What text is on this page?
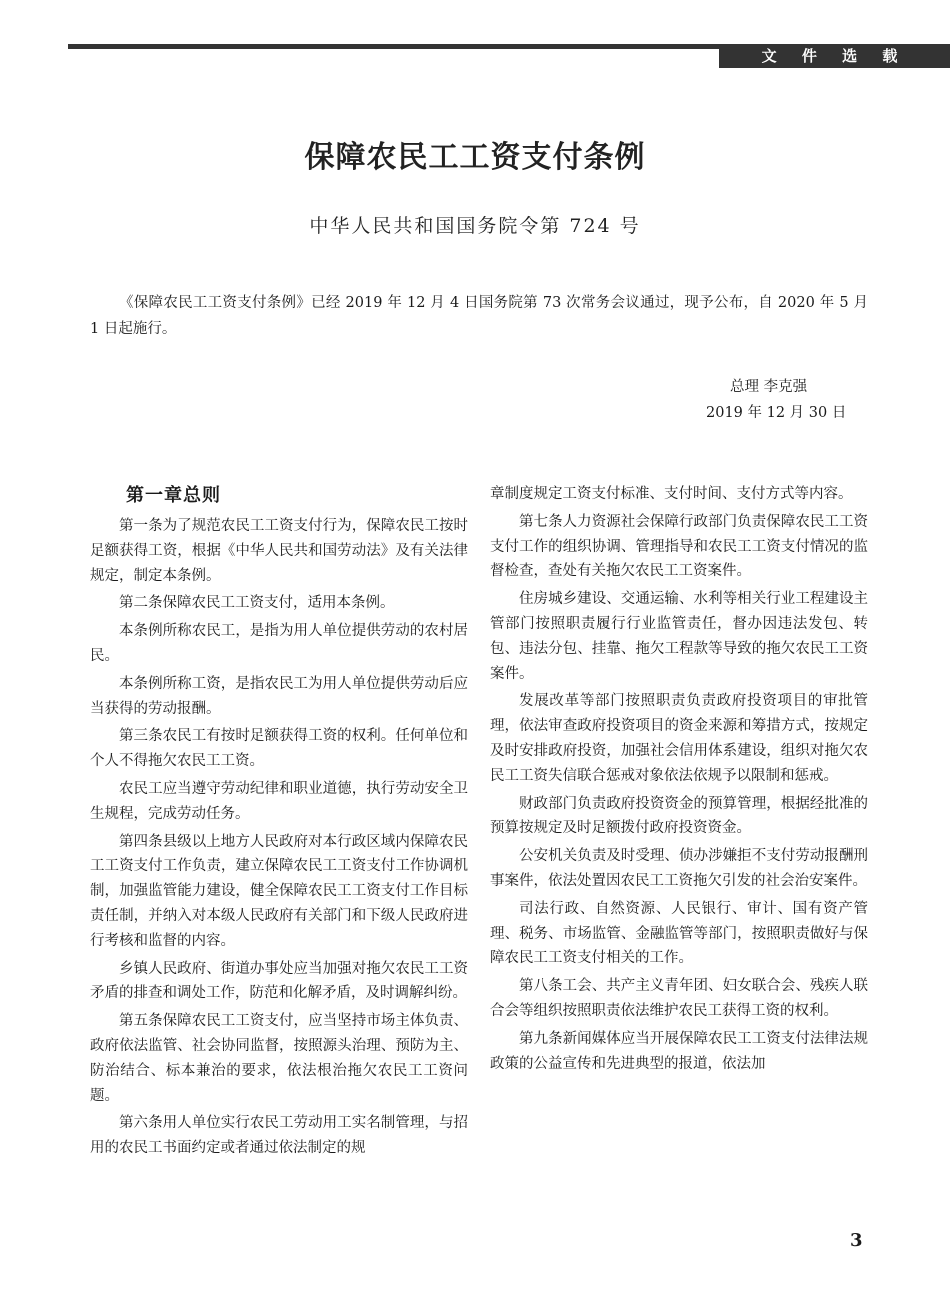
文 件 选 载
保障农民工工资支付条例
中华人民共和国国务院令第 724 号
《保障农民工工资支付条例》已经 2019 年 12 月 4 日国务院第 73 次常务会议通过，现予公布，自 2020 年 5 月 1 日起施行。
总理 李克强
2019 年 12 月 30 日
第一章总则

第一条为了规范农民工工资支付行为，保障农民工按时足额获得工资，根据《中华人民共和国劳动法》及有关法律规定，制定本条例。

第二条保障农民工工资支付，适用本条例。

本条例所称农民工，是指为用人单位提供劳动的农村居民。

本条例所称工资，是指农民工为用人单位提供劳动后应当获得的劳动报酬。

第三条农民工有按时足额获得工资的权利。任何单位和个人不得拖欠农民工工资。

农民工应当遵守劳动纪律和职业道德，执行劳动安全卫生规程，完成劳动任务。

第四条县级以上地方人民政府对本行政区域内保障农民工工资支付工作负责，建立保障农民工工资支付工作协调机制，加强监管能力建设，健全保障农民工工资支付工作目标责任制，并纳入对本级人民政府有关部门和下级人民政府进行考核和监督的内容。

乡镇人民政府、街道办事处应当加强对拖欠农民工工资矛盾的排查和调处工作，防范和化解矛盾，及时调解纠纷。

第五条保障农民工工资支付，应当坚持市场主体负责、政府依法监管、社会协同监督，按照源头治理、预防为主、防治结合、标本兼治的要求，依法根治拖欠农民工工资问题。

第六条用人单位实行农民工劳动用工实名制管理，与招用的农民工书面约定或者通过依法制定的规

章制度规定工资支付标准、支付时间、支付方式等内容。

第七条人力资源社会保障行政部门负责保障农民工工资支付工作的组织协调、管理指导和农民工工资支付情况的监督检查，查处有关拖欠农民工工资案件。

住房城乡建设、交通运输、水利等相关行业工程建设主管部门按照职责履行行业监管责任，督办因违法发包、转包、违法分包、挂靠、拖欠工程款等导致的拖欠农民工工资案件。

发展改革等部门按照职责负责政府投资项目的审批管理，依法审查政府投资项目的资金来源和筹措方式，按规定及时安排政府投资，加强社会信用体系建设，组织对拖欠农民工工资失信联合惩戒对象依法依规予以限制和惩戒。

财政部门负责政府投资资金的预算管理，根据经批准的预算按规定及时足额拨付政府投资资金。

公安机关负责及时受理、侦办涉嫌拒不支付劳动报酬刑事案件，依法处置因农民工工资拖欠引发的社会治安案件。

司法行政、自然资源、人民银行、审计、国有资产管理、税务、市场监管、金融监管等部门，按照职责做好与保障农民工工资支付相关的工作。

第八条工会、共产主义青年团、妇女联合会、残疾人联合会等组织按照职责依法维护农民工获得工资的权利。

第九条新闻媒体应当开展保障农民工工资支付法律法规政策的公益宣传和先进典型的报道，依法加

3
